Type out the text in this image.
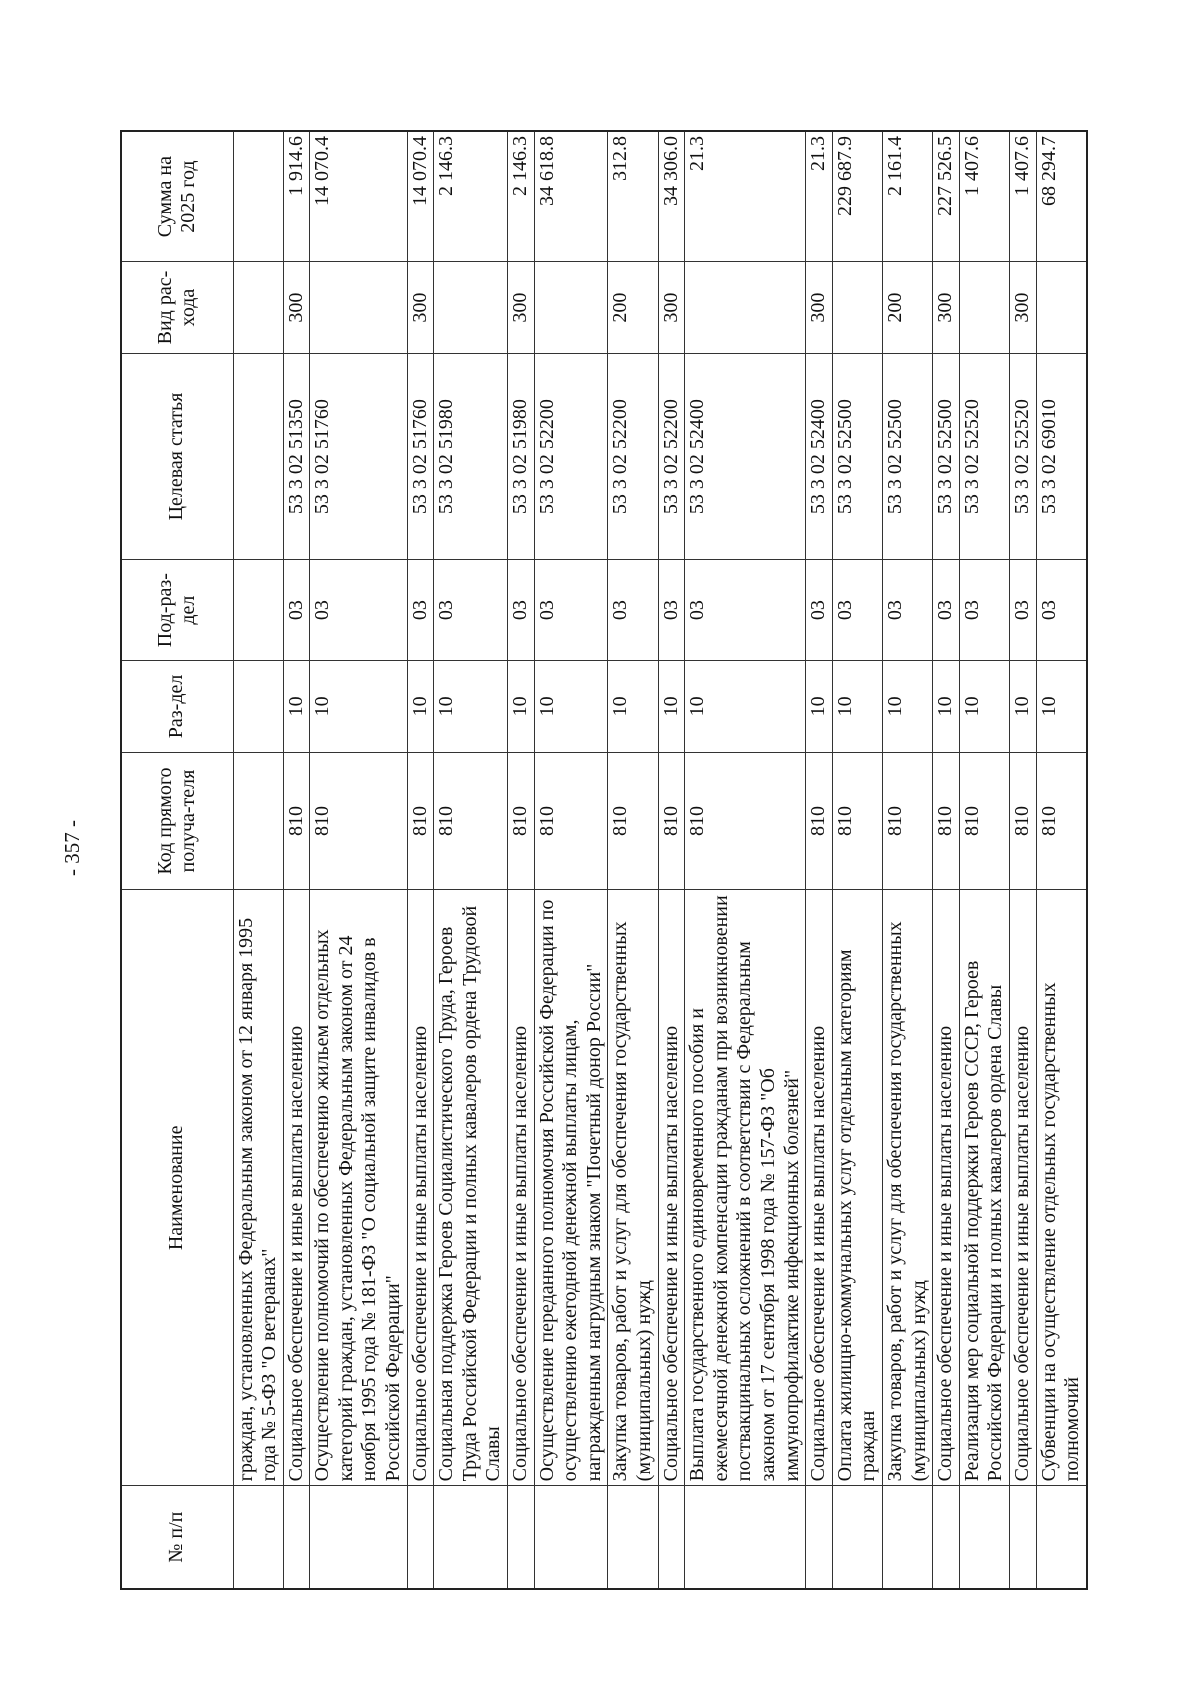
- 357 -
№ п/п	Наименование	Код прямого получа-теля	Раз-дел	Под-раз-дел	Целевая статья	Вид рас-хода	Сумма на 2025 год
	граждан, установленных Федеральным законом от 12 января 1995 года № 5-ФЗ "О ветеранах"						
	Социальное обеспечение и иные выплаты населению	810	10	03	53 3 02 51350	300	1 914.6
	Осуществление полномочий по обеспечению жильем отдельных категорий граждан, установленных Федеральным законом от 24 ноября 1995 года № 181-ФЗ "О социальной защите инвалидов в Российской Федерации"	810	10	03	53 3 02 51760		14 070.4
	Социальное обеспечение и иные выплаты населению	810	10	03	53 3 02 51760	300	14 070.4
	Социальная поддержка Героев Социалистического Труда, Героев Труда Российской Федерации и полных кавалеров ордена Трудовой Славы	810	10	03	53 3 02 51980		2 146.3
	Социальное обеспечение и иные выплаты населению	810	10	03	53 3 02 51980	300	2 146.3
	Осуществление переданного полномочия Российской Федерации по осуществлению ежегодной денежной выплаты лицам, награжденным нагрудным знаком "Почетный донор России"	810	10	03	53 3 02 52200		34 618.8
	Закупка товаров, работ и услуг для обеспечения государственных (муниципальных) нужд	810	10	03	53 3 02 52200	200	312.8
	Социальное обеспечение и иные выплаты населению	810	10	03	53 3 02 52200	300	34 306.0
	Выплата государственного единовременного пособия и ежемесячной денежной компенсации гражданам при возникновении поствакцинальных осложнений в соответствии с Федеральным законом от 17 сентября 1998 года № 157-ФЗ "Об иммунопрофилактике инфекционных болезней"	810	10	03	53 3 02 52400		21.3
	Социальное обеспечение и иные выплаты населению	810	10	03	53 3 02 52400	300	21.3
	Оплата жилищно-коммунальных услуг отдельным категориям граждан	810	10	03	53 3 02 52500		229 687.9
	Закупка товаров, работ и услуг для обеспечения государственных (муниципальных) нужд	810	10	03	53 3 02 52500	200	2 161.4
	Социальное обеспечение и иные выплаты населению	810	10	03	53 3 02 52500	300	227 526.5
	Реализация мер социальной поддержки Героев СССР, Героев Российской Федерации и полных кавалеров ордена Славы	810	10	03	53 3 02 52520		1 407.6
	Социальное обеспечение и иные выплаты населению	810	10	03	53 3 02 52520	300	1 407.6
	Субвенции на осуществление отдельных государственных полномочий	810	10	03	53 3 02 69010		68 294.7
